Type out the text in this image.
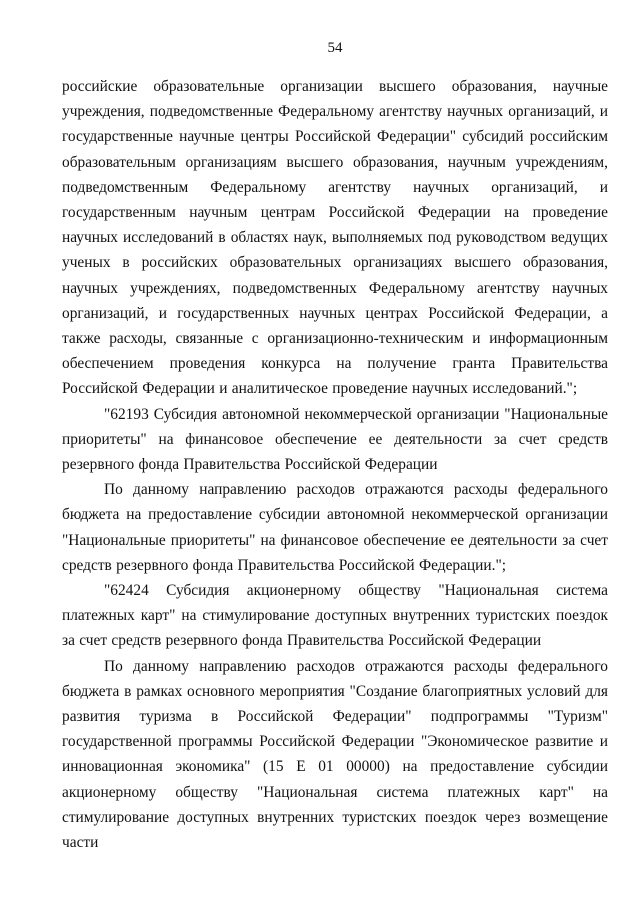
54

российские образовательные организации высшего образования, научные учреждения, подведомственные Федеральному агентству научных организаций, и государственные научные центры Российской Федерации" субсидий российским образовательным организациям высшего образования, научным учреждениям, подведомственным Федеральному агентству научных организаций, и государственным научным центрам Российской Федерации на проведение научных исследований в областях наук, выполняемых под руководством ведущих ученых в российских образовательных организациях высшего образования, научных учреждениях, подведомственных Федеральному агентству научных организаций, и государственных научных центрах Российской Федерации, а также расходы, связанные с организационно-техническим и информационным обеспечением проведения конкурса на получение гранта Правительства Российской Федерации и аналитическое проведение научных исследований.";

"62193 Субсидия автономной некоммерческой организации "Национальные приоритеты" на финансовое обеспечение ее деятельности за счет средств резервного фонда Правительства Российской Федерации

По данному направлению расходов отражаются расходы федерального бюджета на предоставление субсидии автономной некоммерческой организации "Национальные приоритеты" на финансовое обеспечение ее деятельности за счет средств резервного фонда Правительства Российской Федерации.";

"62424 Субсидия акционерному обществу "Национальная система платежных карт" на стимулирование доступных внутренних туристских поездок за счет средств резервного фонда Правительства Российской Федерации

По данному направлению расходов отражаются расходы федерального бюджета в рамках основного мероприятия "Создание благоприятных условий для развития туризма в Российской Федерации" подпрограммы "Туризм" государственной программы Российской Федерации "Экономическое развитие и инновационная экономика" (15 Е 01 00000) на предоставление субсидии акционерному обществу "Национальная система платежных карт" на стимулирование доступных внутренних туристских поездок через возмещение части
